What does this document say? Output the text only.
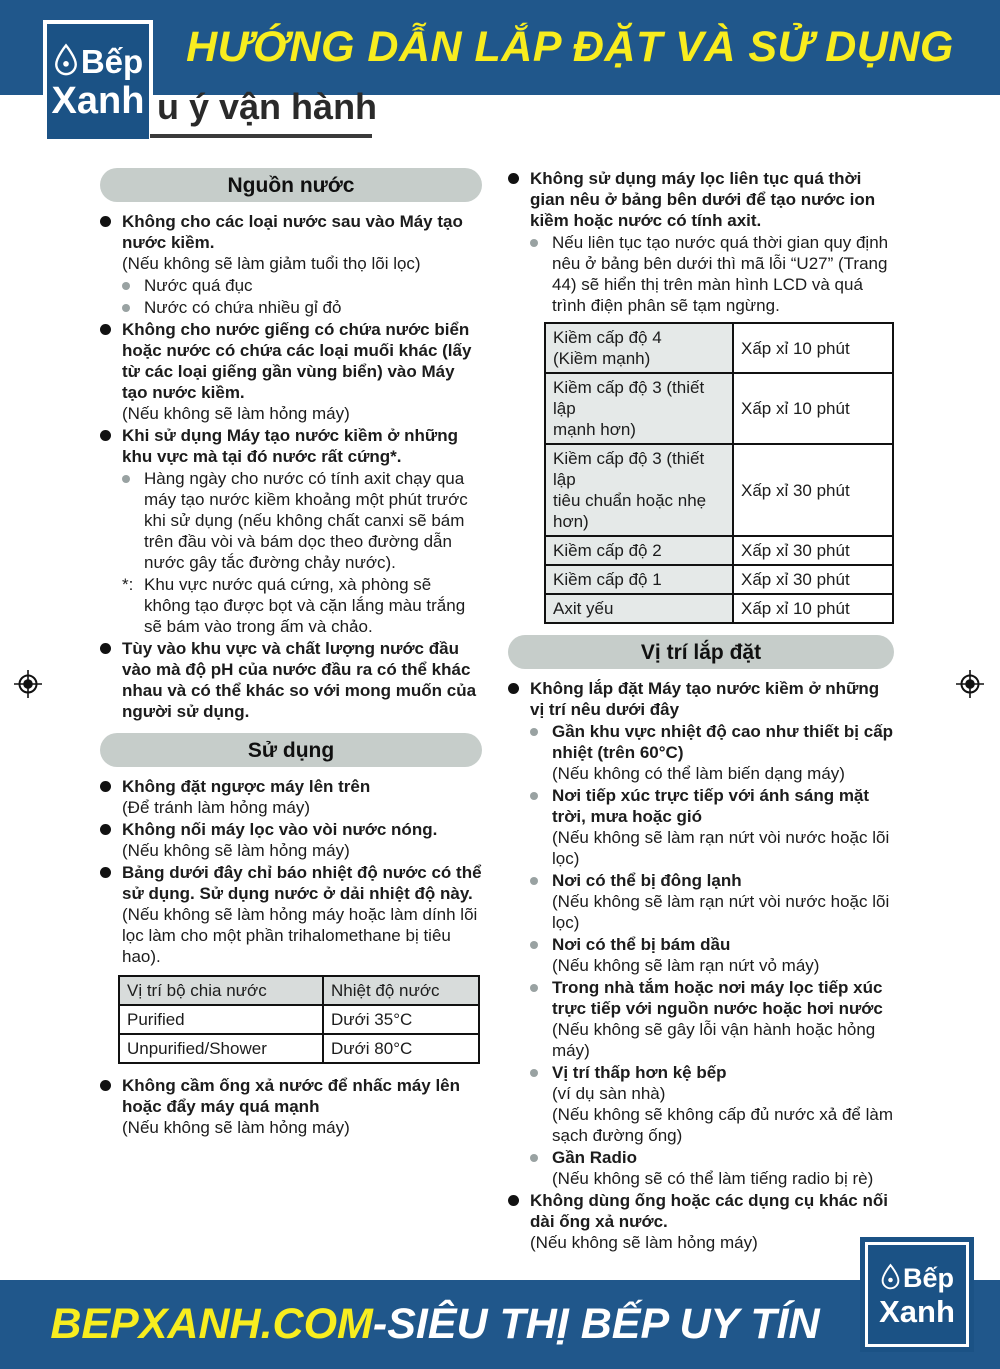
HƯỚNG DẪN LẮP ĐẶT VÀ SỬ DỤNG
Bếp
Xanh u ý vận hành
Nguồn nước
Không cho các loại nước sau vào Máy tạo nước kiềm.
(Nếu không sẽ làm giảm tuổi thọ lõi lọc)
Nước quá đục
Nước có chứa nhiều gỉ đỏ
Không cho nước giếng có chứa nước biển hoặc nước có chứa các loại muối khác (lấy từ các loại giếng gần vùng biển) vào Máy tạo nước kiềm.
(Nếu không sẽ làm hỏng máy)
Khi sử dụng Máy tạo nước kiềm ở những khu vực mà tại đó nước rất cứng*.
Hàng ngày cho nước có tính axit chạy qua máy tạo nước kiềm khoảng một phút trước khi sử dụng (nếu không chất canxi sẽ bám trên đầu vòi và bám dọc theo đường dẫn nước gây tắc đường chảy nước).
*: Khu vực nước quá cứng, xà phòng sẽ không tạo được bọt và cặn lắng màu trắng sẽ bám vào trong ấm và chảo.
Tùy vào khu vực và chất lượng nước đầu vào mà độ pH của nước đầu ra có thể khác nhau và có thể khác so với mong muốn của người sử dụng.
Sử dụng
Không đặt ngược máy lên trên
(Để tránh làm hỏng máy)
Không nối máy lọc vào vòi nước nóng.
(Nếu không sẽ làm hỏng máy)
Bảng dưới đây chỉ báo nhiệt độ nước có thể sử dụng. Sử dụng nước ở dải nhiệt độ này.
(Nếu không sẽ làm hỏng máy hoặc làm dính lõi lọc làm cho một phần trihalomethane bị tiêu hao).
Vị trí bộ chia nước	Nhiệt độ nước
Purified	Dưới 35°C
Unpurified/Shower	Dưới 80°C
Không cầm ống xả nước để nhấc máy lên hoặc đẩy máy quá mạnh
(Nếu không sẽ làm hỏng máy)
Không sử dụng máy lọc liên tục quá thời gian nêu ở bảng bên dưới để tạo nước ion kiềm hoặc nước có tính axit.
Nếu liên tục tạo nước quá thời gian quy định nêu ở bảng bên dưới thì mã lỗi “U27” (Trang 44) sẽ hiển thị trên màn hình LCD và quá trình điện phân sẽ tạm ngừng.
Kiềm cấp độ 4
(Kiềm mạnh)	Xấp xỉ 10 phút
Kiềm cấp độ 3 (thiết lập
mạnh hơn)	Xấp xỉ 10 phút
Kiềm cấp độ 3 (thiết lập
tiêu chuẩn hoặc nhẹ
hơn)	Xấp xỉ 30 phút
Kiềm cấp độ 2	Xấp xỉ 30 phút
Kiềm cấp độ 1	Xấp xỉ 30 phút
Axit yếu	Xấp xỉ 10 phút
Vị trí lắp đặt
Không lắp đặt Máy tạo nước kiềm ở những vị trí nêu dưới đây
Gần khu vực nhiệt độ cao như thiết bị cấp nhiệt (trên 60°C)
(Nếu không có thể làm biến dạng máy)
Nơi tiếp xúc trực tiếp với ánh sáng mặt trời, mưa hoặc gió
(Nếu không sẽ làm rạn nứt vòi nước hoặc lõi lọc)
Nơi có thể bị đông lạnh
(Nếu không sẽ làm rạn nứt vòi nước hoặc lõi lọc)
Nơi có thể bị bám dầu
(Nếu không sẽ làm rạn nứt vỏ máy)
Trong nhà tắm hoặc nơi máy lọc tiếp xúc trực tiếp với nguồn nước hoặc hơi nước
(Nếu không sẽ gây lỗi vận hành hoặc hỏng máy)
Vị trí thấp hơn kệ bếp
(ví dụ sàn nhà)
(Nếu không sẽ không cấp đủ nước xả để làm sạch đường ống)
Gần Radio
(Nếu không sẽ có thể làm tiếng radio bị rè)
Không dùng ống hoặc các dụng cụ khác nối dài ống xả nước.
(Nếu không sẽ làm hỏng máy)
BEPXANH.COM - SIÊU THỊ BẾP UY TÍN
Bếp
Xanh
